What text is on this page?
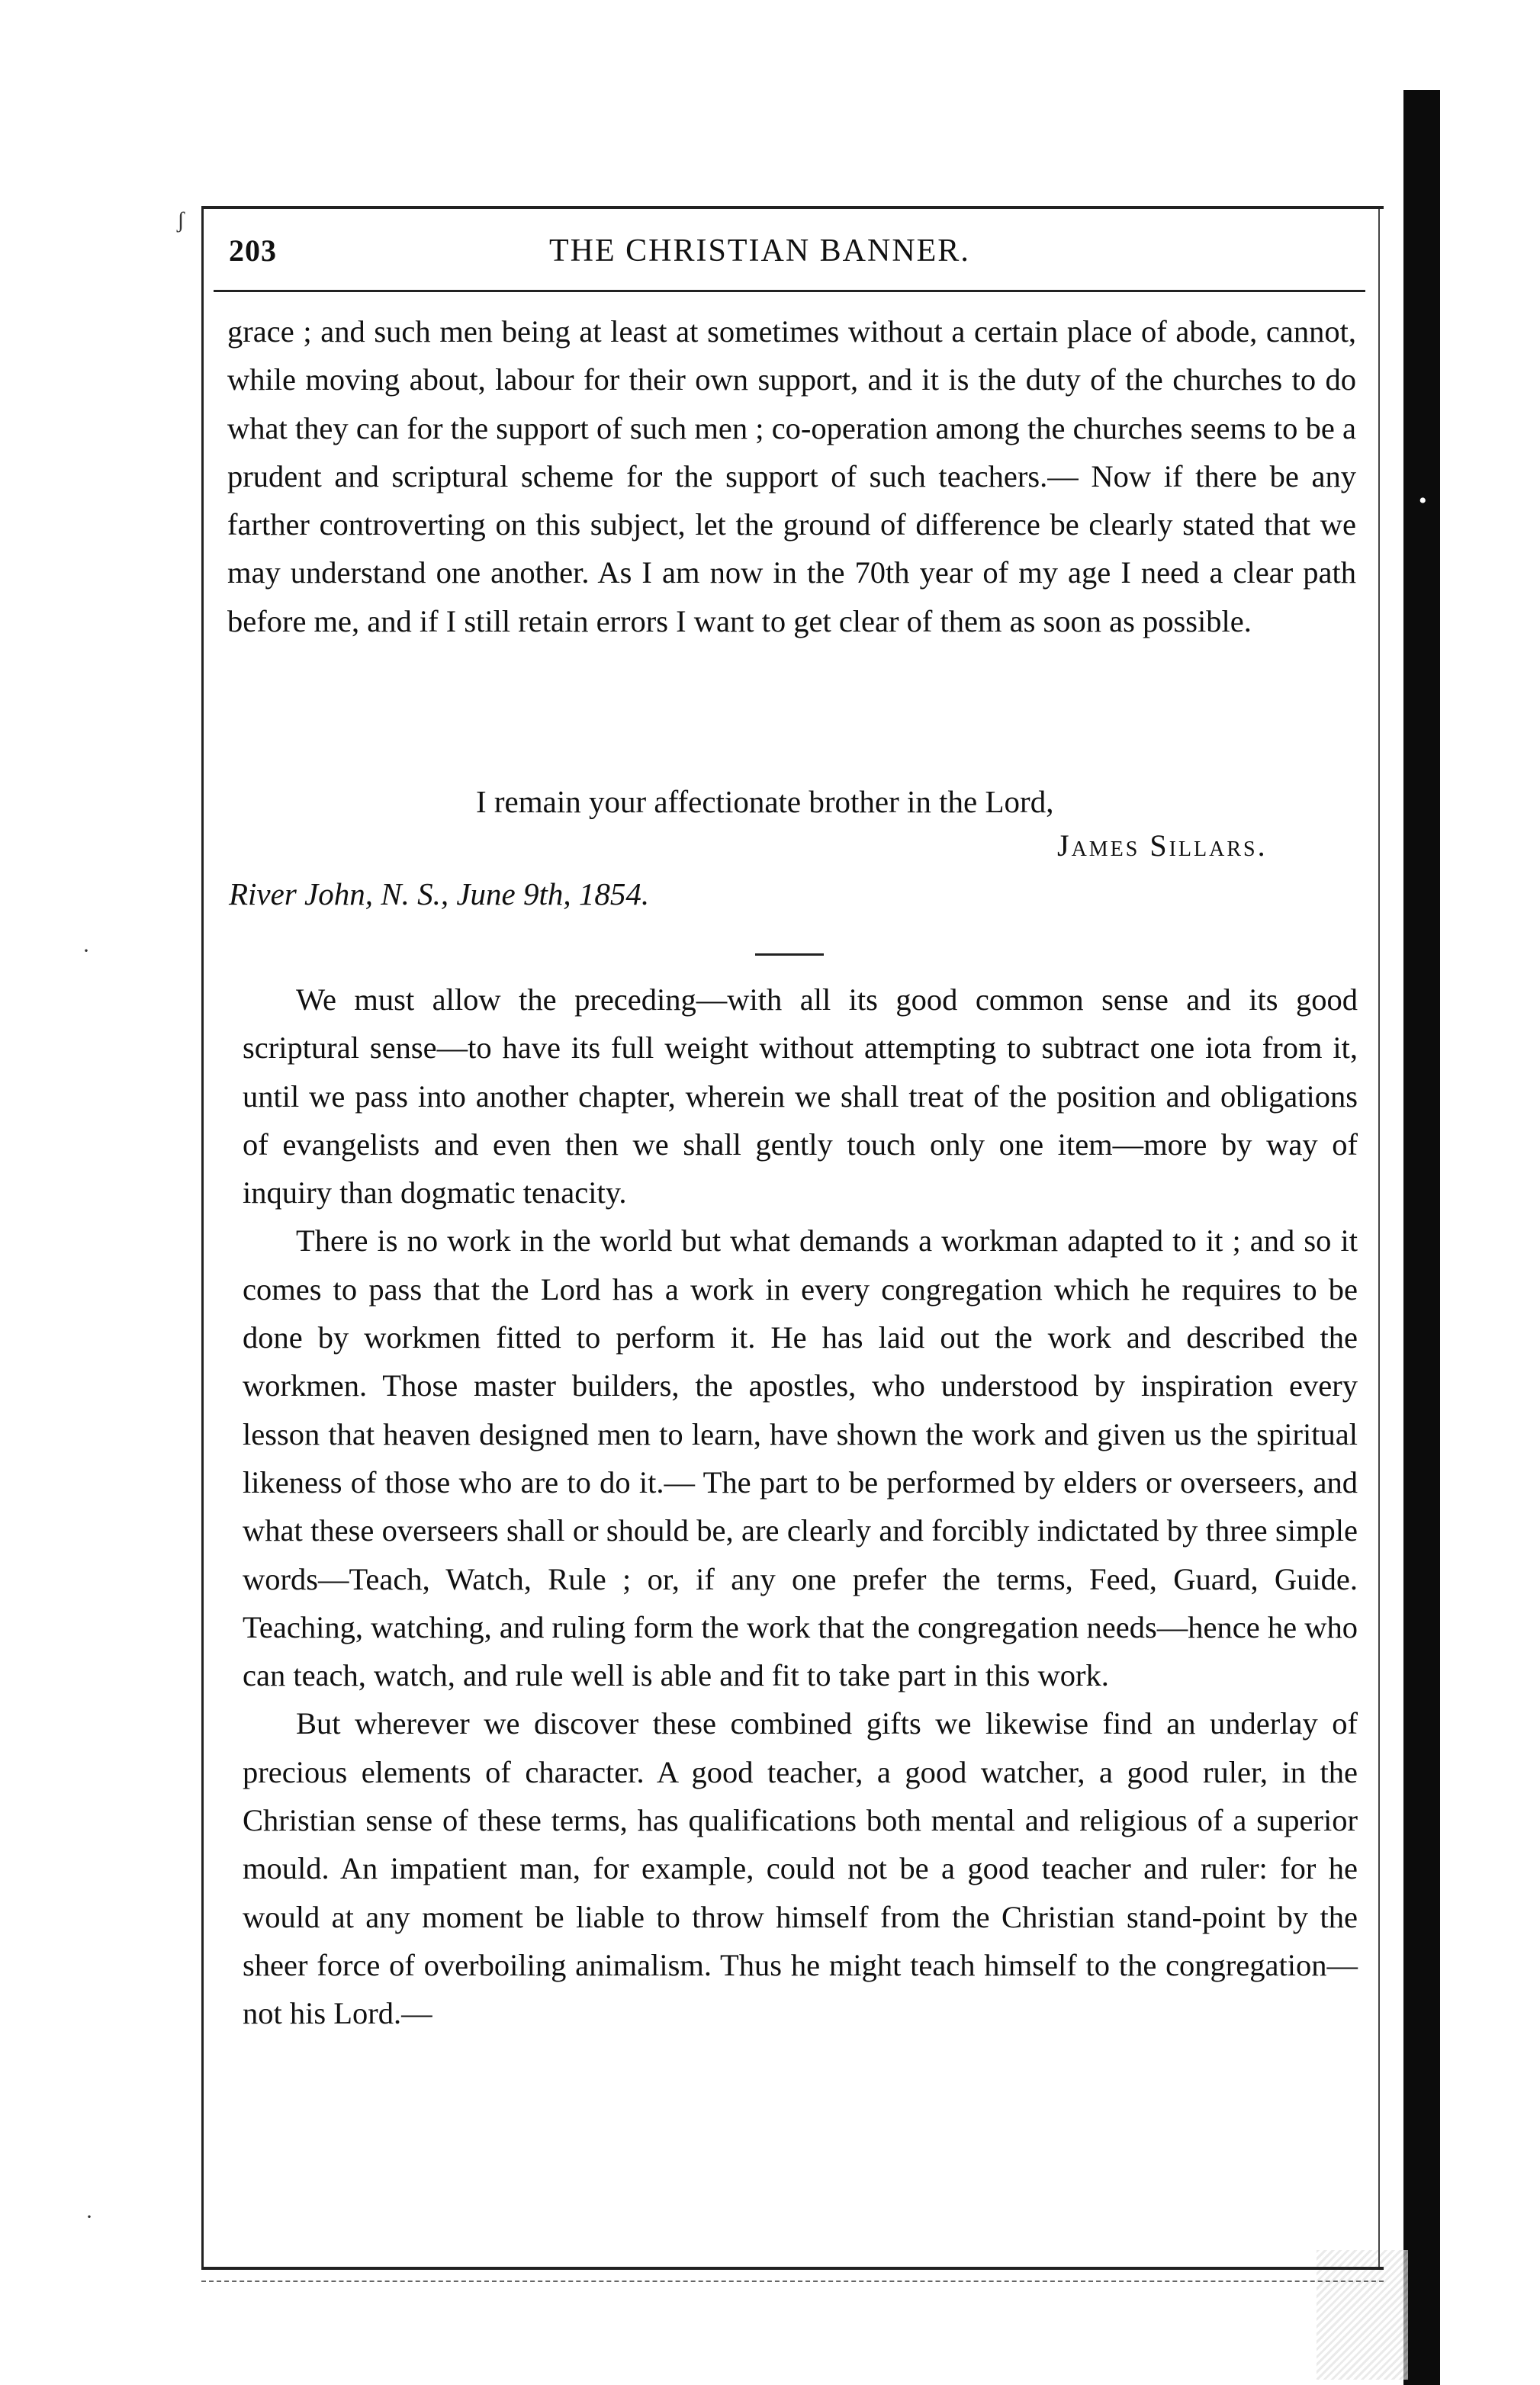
ʃ
•
·
·
203	THE CHRISTIAN BANNER.

grace ; and such men being at least at sometimes without a certain place of abode, cannot, while moving about, labour for their own support, and it is the duty of the churches to do what they can for the support of such men ; co-operation among the churches seems to be a prudent and scriptural scheme for the support of such teachers.— Now if there be any farther controverting on this subject, let the ground of difference be clearly stated that we may understand one another. As I am now in the 70th year of my age I need a clear path before me, and if I still retain errors I want to get clear of them as soon as possible.

I remain your affectionate brother in the Lord,
James Sillars.
River John, N. S., June 9th, 1854.

We must allow the preceding—with all its good common sense and its good scriptural sense—to have its full weight without attempting to subtract one iota from it, until we pass into another chapter, wherein we shall treat of the position and obligations of evangelists and even then we shall gently touch only one item—more by way of inquiry than dogmatic tenacity.

There is no work in the world but what demands a workman adapted to it ; and so it comes to pass that the Lord has a work in every congregation which he requires to be done by workmen fitted to perform it. He has laid out the work and described the workmen. Those master builders, the apostles, who understood by inspiration every lesson that heaven designed men to learn, have shown the work and given us the spiritual likeness of those who are to do it.— The part to be performed by elders or overseers, and what these overseers shall or should be, are clearly and forcibly indictated by three simple words—Teach, Watch, Rule ; or, if any one prefer the terms, Feed, Guard, Guide. Teaching, watching, and ruling form the work that the congregation needs—hence he who can teach, watch, and rule well is able and fit to take part in this work.

But wherever we discover these combined gifts we likewise find an underlay of precious elements of character. A good teacher, a good watcher, a good ruler, in the Christian sense of these terms, has qualifications both mental and religious of a superior mould. An impatient man, for example, could not be a good teacher and ruler: for he would at any moment be liable to throw himself from the Christian stand-point by the sheer force of overboiling animalism. Thus he might teach himself to the congregation—not his Lord.—
